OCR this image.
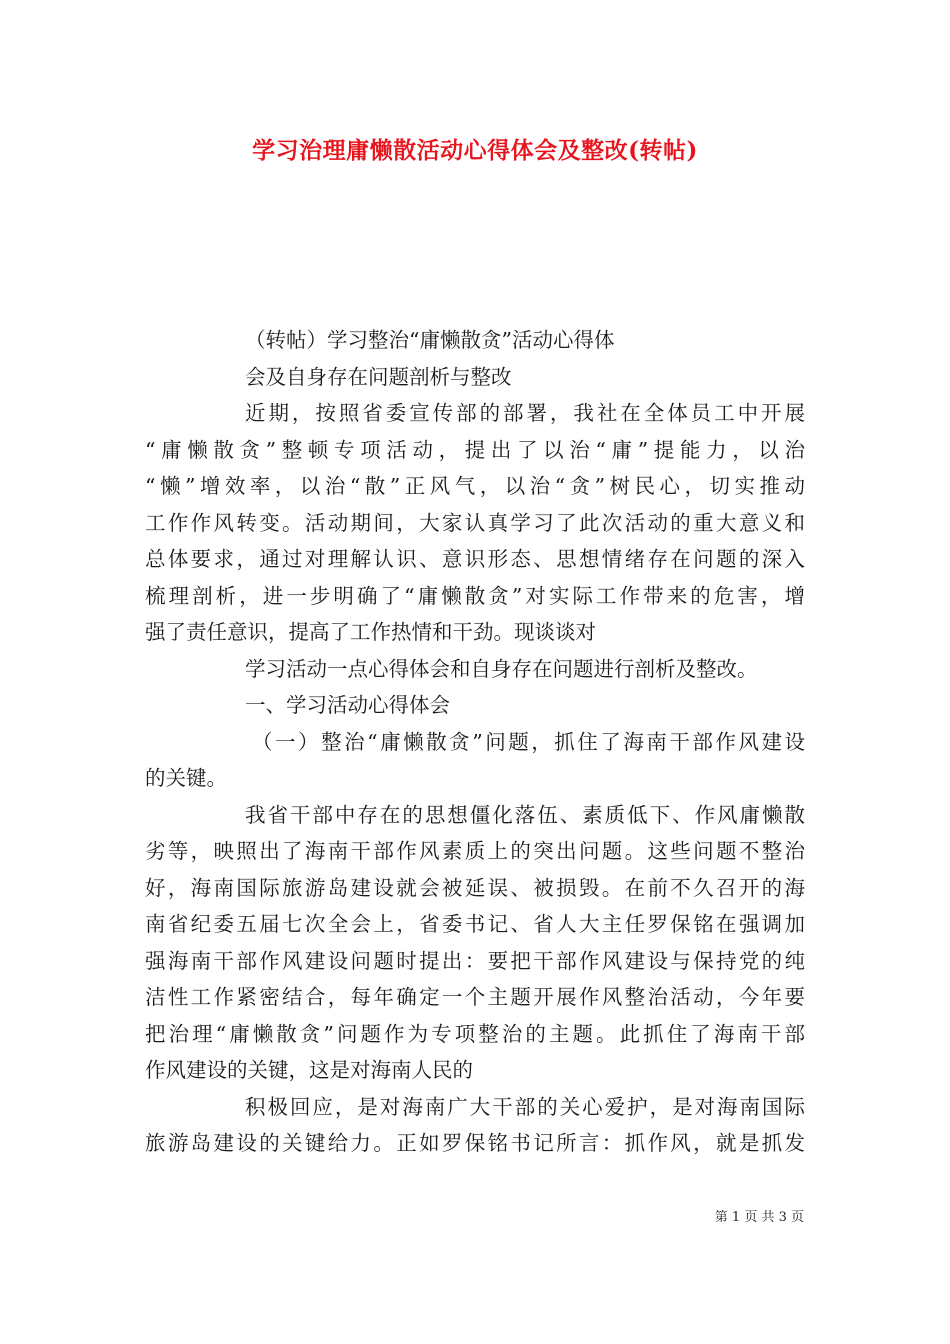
学习治理庸懒散活动心得体会及整改(转帖)
（转帖）学习整治“庸懒散贪”活动心得体
会及自身存在问题剖析与整改
近期，按照省委宣传部的部署，我社在全体员工中开展
“庸懒散贪”整顿专项活动，提出了以治“庸”提能力，以治
“懒”增效率，以治“散”正风气，以治“贪”树民心，切实推动
工作作风转变。活动期间，大家认真学习了此次活动的重大意义和
总体要求，通过对理解认识、意识形态、思想情绪存在问题的深入
梳理剖析，进一步明确了“庸懒散贪”对实际工作带来的危害，增
强了责任意识，提高了工作热情和干劲。现谈谈对
学习活动一点心得体会和自身存在问题进行剖析及整改。
一、学习活动心得体会
（一）整治“庸懒散贪”问题，抓住了海南干部作风建设
的关键。
我省干部中存在的思想僵化落伍、素质低下、作风庸懒散
劣等，映照出了海南干部作风素质上的突出问题。这些问题不整治
好，海南国际旅游岛建设就会被延误、被损毁。在前不久召开的海
南省纪委五届七次全会上，省委书记、省人大主任罗保铭在强调加
强海南干部作风建设问题时提出：要把干部作风建设与保持党的纯
洁性工作紧密结合，每年确定一个主题开展作风整治活动，今年要
把治理“庸懒散贪”问题作为专项整治的主题。此抓住了海南干部
作风建设的关键，这是对海南人民的
积极回应，是对海南广大干部的关心爱护，是对海南国际
旅游岛建设的关键给力。正如罗保铭书记所言：抓作风，就是抓发
第 1 页 共 3 页
